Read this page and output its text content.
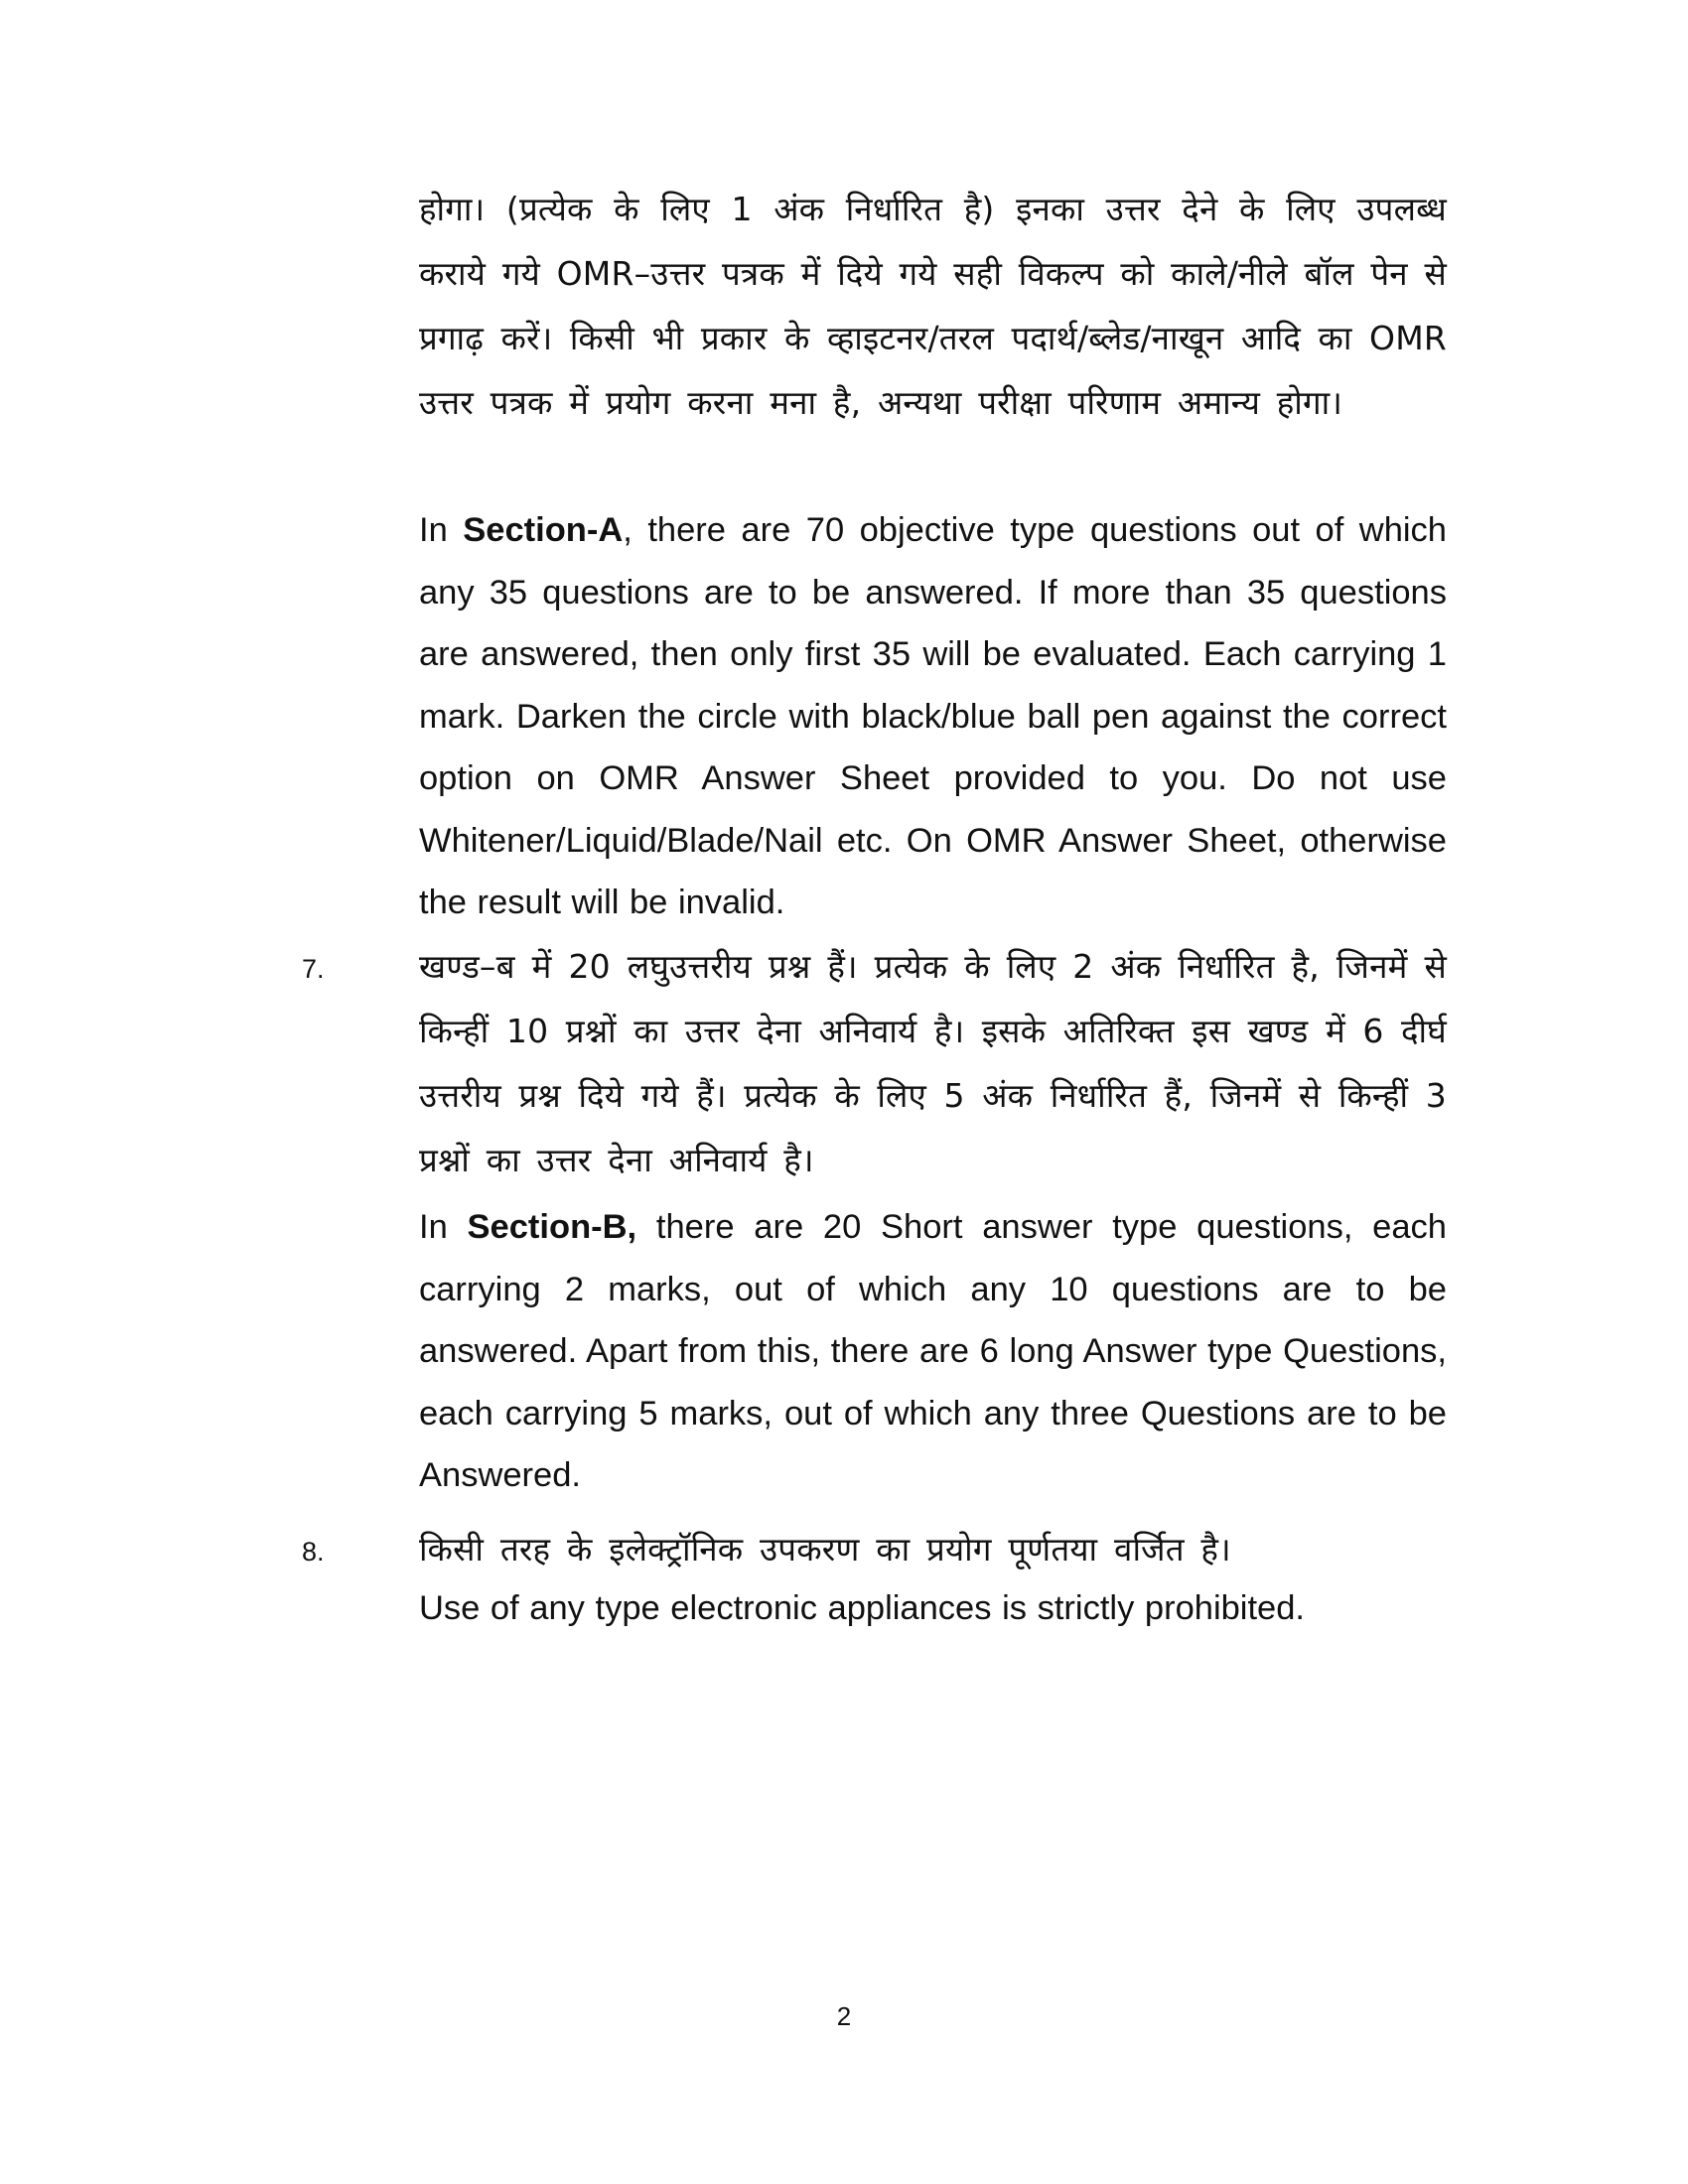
होगा। (प्रत्येक के लिए 1 अंक निर्धारित है) इनका उत्तर देने के लिए उपलब्ध कराये गये OMR–उत्तर पत्रक में दिये गये सही विकल्प को काले/नीले बॉल पेन से प्रगाढ़ करें। किसी भी प्रकार के व्हाइटनर/तरल पदार्थ/ब्लेड/नाखून आदि का OMR उत्तर पत्रक में प्रयोग करना मना है, अन्यथा परीक्षा परिणाम अमान्य होगा।

In Section-A, there are 70 objective type questions out of which any 35 questions are to be answered. If more than 35 questions are answered, then only first 35 will be evaluated. Each carrying 1 mark. Darken the circle with black/blue ball pen against the correct option on OMR Answer Sheet provided to you. Do not use Whitener/Liquid/Blade/Nail etc. On OMR Answer Sheet, otherwise the result will be invalid.

7.	खण्ड–ब में 20 लघुउत्तरीय प्रश्न हैं। प्रत्येक के लिए 2 अंक निर्धारित है, जिनमें से किन्हीं 10 प्रश्नों का उत्तर देना अनिवार्य है। इसके अतिरिक्त इस खण्ड में 6 दीर्घ उत्तरीय प्रश्न दिये गये हैं। प्रत्येक के लिए 5 अंक निर्धारित हैं, जिनमें से किन्हीं 3 प्रश्नों का उत्तर देना अनिवार्य है।

In Section-B, there are 20 Short answer type questions, each carrying 2 marks, out of which any 10 questions are to be answered. Apart from this, there are 6 long Answer type Questions, each carrying 5 marks, out of which any three Questions are to be Answered.

8.	किसी तरह के इलेक्ट्रॉनिक उपकरण का प्रयोग पूर्णतया वर्जित है।

Use of any type electronic appliances is strictly prohibited.

2
